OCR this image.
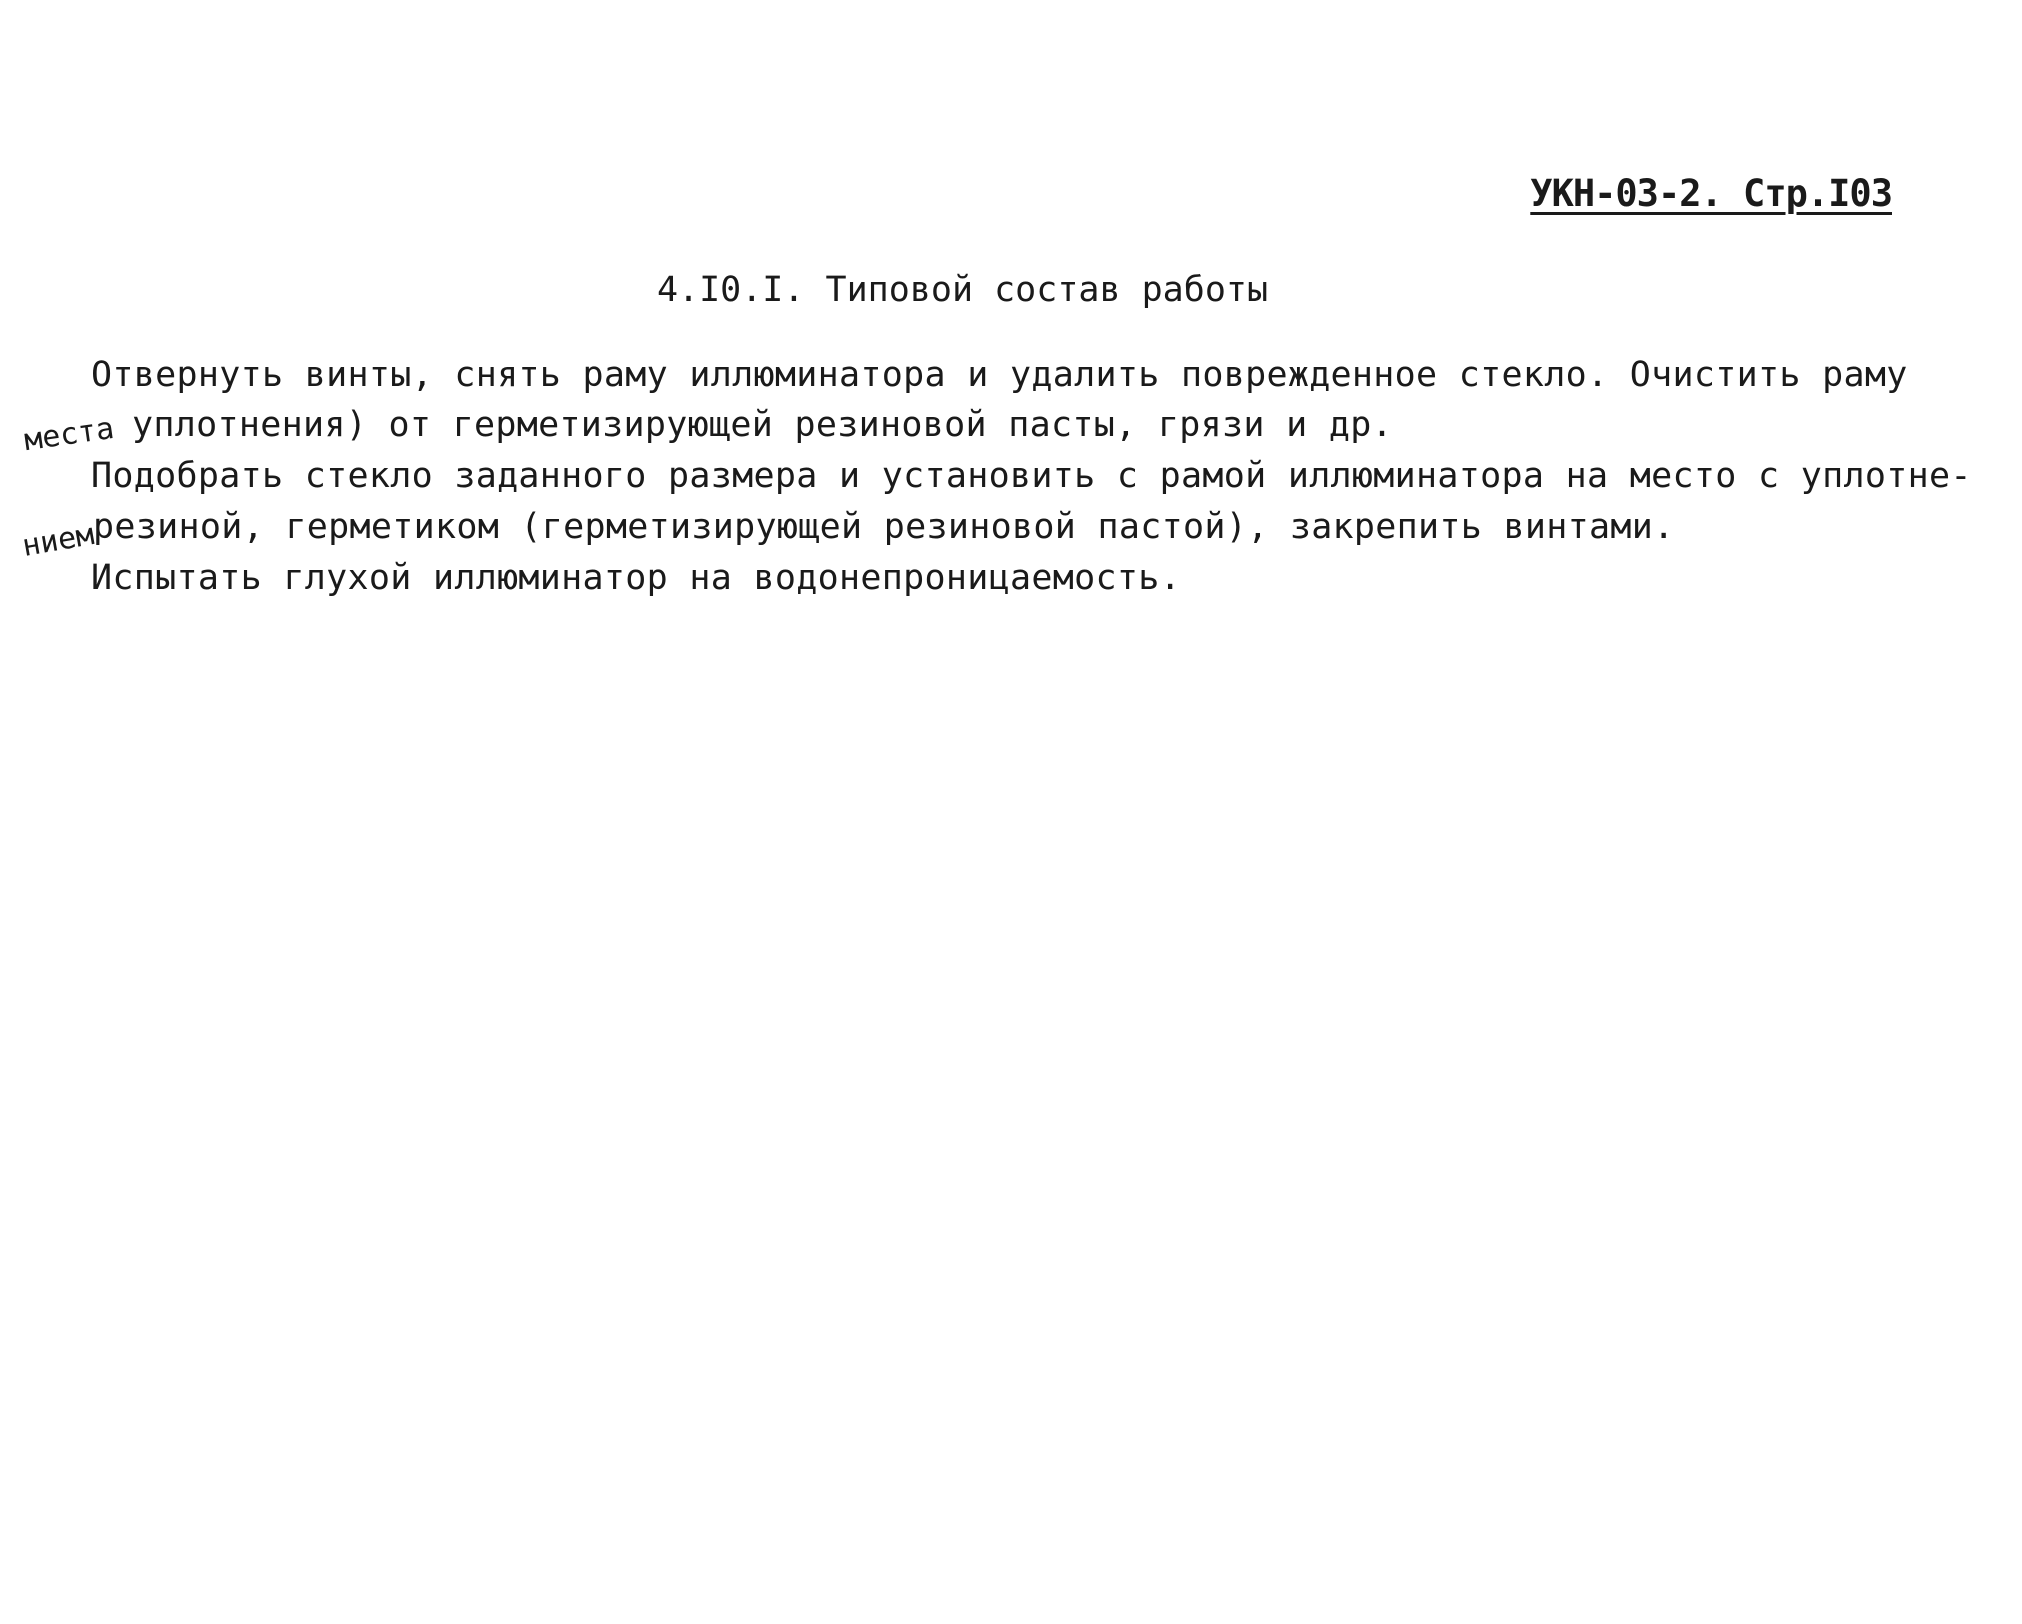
УКН-03-2. Стр.I03
4.I0.I. Типовой состав работы
Отвернуть винты, снять раму иллюминатора и удалить поврежденное стекло. Очистить раму
места уплотнения) от герметизирующей резиновой пасты, грязи и др.
Подобрать стекло заданного размера и установить с рамой иллюминатора на место с уплотне-
нием
резиной, герметиком (герметизирующей резиновой пастой), закрепить винтами.
Испытать глухой иллюминатор на водонепроницаемость.
